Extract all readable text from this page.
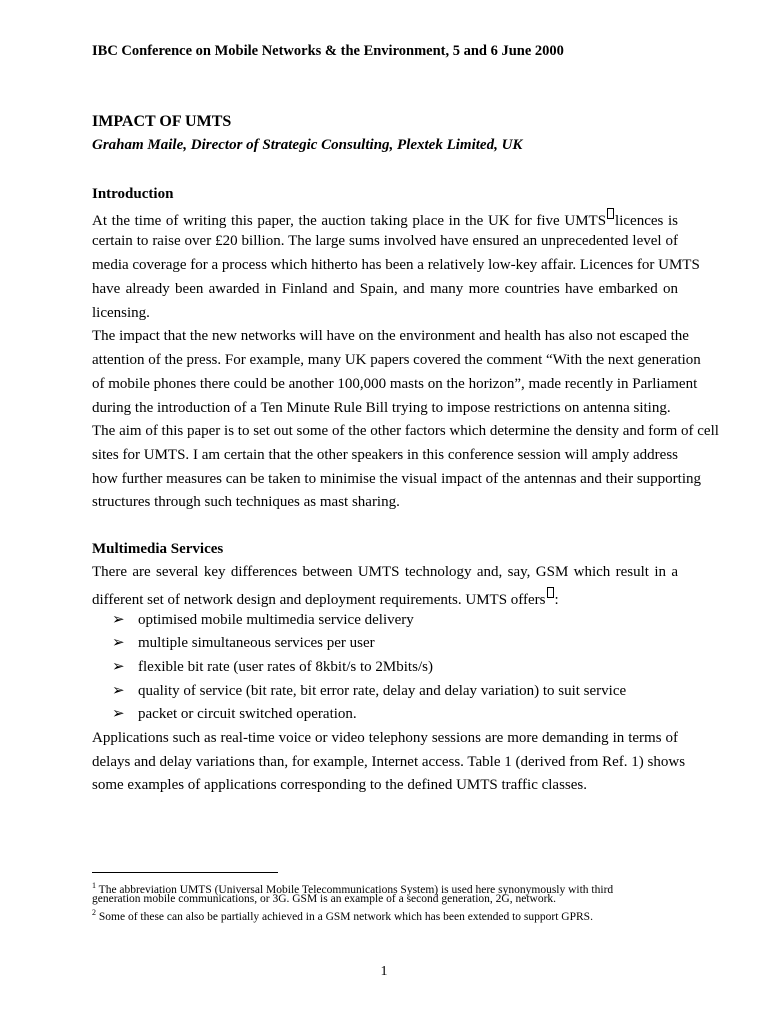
IBC Conference on Mobile Networks & the Environment, 5 and 6 June 2000
IMPACT OF UMTS
Graham Maile, Director of Strategic Consulting, Plextek Limited, UK
Introduction
At the time of writing this paper, the auction taking place in the UK for five UMTS licences is
certain to raise over £20 billion. The large sums involved have ensured an unprecedented level of
media coverage for a process which hitherto has been a relatively low-key affair. Licences for UMTS
have already been awarded in Finland and Spain, and many more countries have embarked on
licensing.
The impact that the new networks will have on the environment and health has also not escaped the
attention of the press. For example, many UK papers covered the comment “With the next generation
of mobile phones there could be another 100,000 masts on the horizon”, made recently in Parliament
during the introduction of a Ten Minute Rule Bill trying to impose restrictions on antenna siting.
The aim of this paper is to set out some of the other factors which determine the density and form of cell
sites for UMTS. I am certain that the other speakers in this conference session will amply address
how further measures can be taken to minimise the visual impact of the antennas and their supporting
structures through such techniques as mast sharing.
Multimedia Services
There are several key differences between UMTS technology and, say, GSM which result in a
different set of network design and deployment requirements. UMTS offers :
➢ optimised mobile multimedia service delivery
➢ multiple simultaneous services per user
➢ flexible bit rate (user rates of 8kbit/s to 2Mbits/s)
➢ quality of service (bit rate, bit error rate, delay and delay variation) to suit service
➢ packet or circuit switched operation.
Applications such as real-time voice or video telephony sessions are more demanding in terms of
delays and delay variations than, for example, Internet access. Table 1 (derived from Ref. 1) shows
some examples of applications corresponding to the defined UMTS traffic classes.
$^1$ The abbreviation UMTS (Universal Mobile Telecommunications System) is used here synonymously with third
generation mobile communications, or 3G. GSM is an example of a second generation, 2G, network.
$^2$ Some of these can also be partially achieved in a GSM network which has been extended to support GPRS.
1
